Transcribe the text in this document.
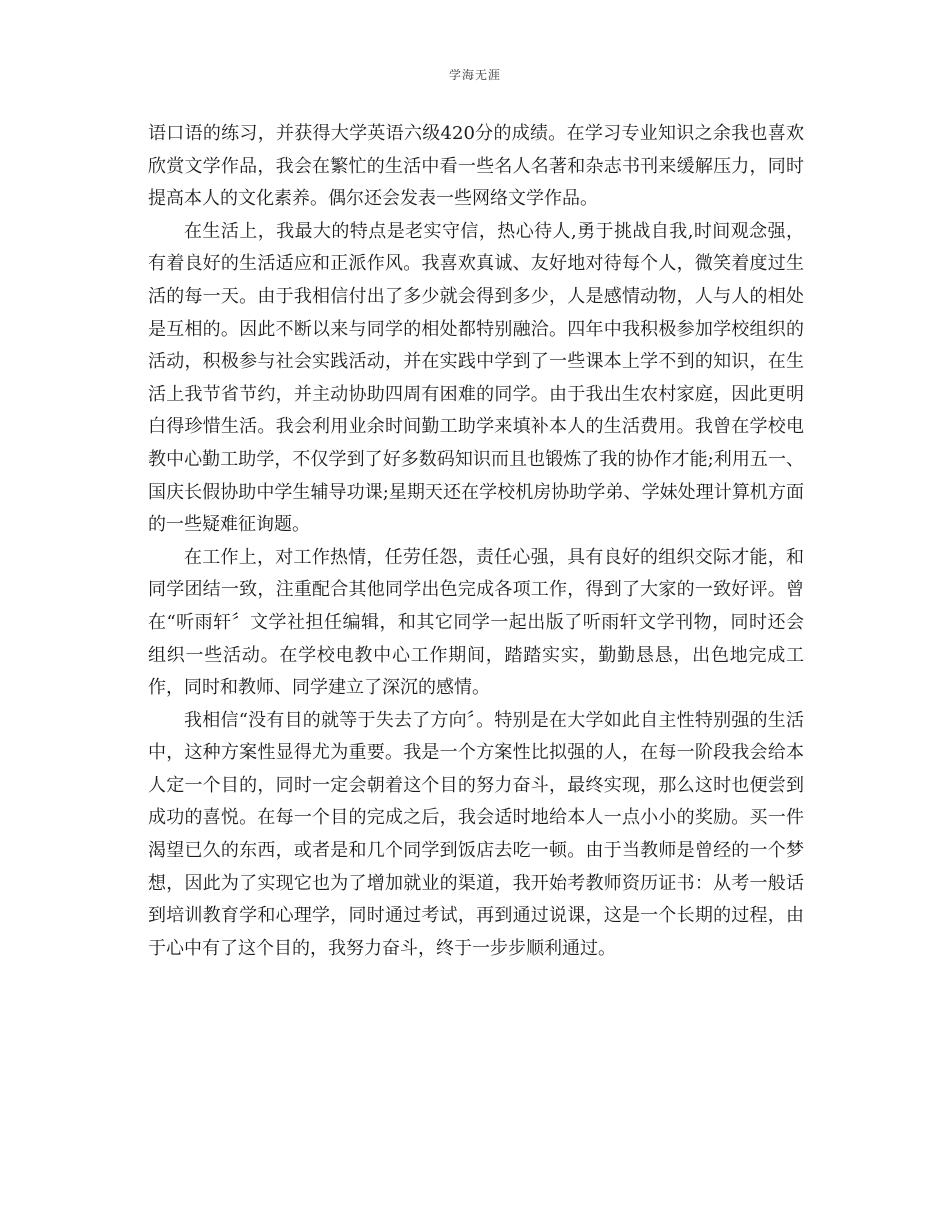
学海无涯

语口语的练习，并获得大学英语六级420分的成绩。在学习专业知识之余我也喜欢欣赏文学作品，我会在繁忙的生活中看一些名人名著和杂志书刊来缓解压力，同时提高本人的文化素养。偶尔还会发表一些网络文学作品。

在生活上，我最大的特点是老实守信，热心待人,勇于挑战自我,时间观念强，有着良好的生活适应和正派作风。我喜欢真诚、友好地对待每个人，微笑着度过生活的每一天。由于我相信付出了多少就会得到多少，人是感情动物，人与人的相处是互相的。因此不断以来与同学的相处都特别融洽。四年中我积极参加学校组织的活动，积极参与社会实践活动，并在实践中学到了一些课本上学不到的知识，在生活上我节省节约，并主动协助四周有困难的同学。由于我出生农村家庭，因此更明白得珍惜生活。我会利用业余时间勤工助学来填补本人的生活费用。我曾在学校电教中心勤工助学，不仅学到了好多数码知识而且也锻炼了我的协作才能;利用五一、国庆长假协助中学生辅导功课;星期天还在学校机房协助学弟、学妹处理计算机方面的一些疑难征询题。

在工作上，对工作热情，任劳任怨，责任心强，具有良好的组织交际才能，和同学团结一致，注重配合其他同学出色完成各项工作，得到了大家的一致好评。曾在“听雨轩〞文学社担任编辑，和其它同学一起出版了听雨轩文学刊物，同时还会组织一些活动。在学校电教中心工作期间，踏踏实实，勤勤恳恳，出色地完成工作，同时和教师、同学建立了深沉的感情。

我相信“没有目的就等于失去了方向〞。特别是在大学如此自主性特别强的生活中，这种方案性显得尤为重要。我是一个方案性比拟强的人，在每一阶段我会给本人定一个目的，同时一定会朝着这个目的努力奋斗，最终实现，那么这时也便尝到成功的喜悦。在每一个目的完成之后，我会适时地给本人一点小小的奖励。买一件渴望已久的东西，或者是和几个同学到饭店去吃一顿。由于当教师是曾经的一个梦想，因此为了实现它也为了增加就业的渠道，我开始考教师资历证书：从考一般话到培训教育学和心理学，同时通过考试，再到通过说课，这是一个长期的过程，由于心中有了这个目的，我努力奋斗，终于一步步顺利通过。
